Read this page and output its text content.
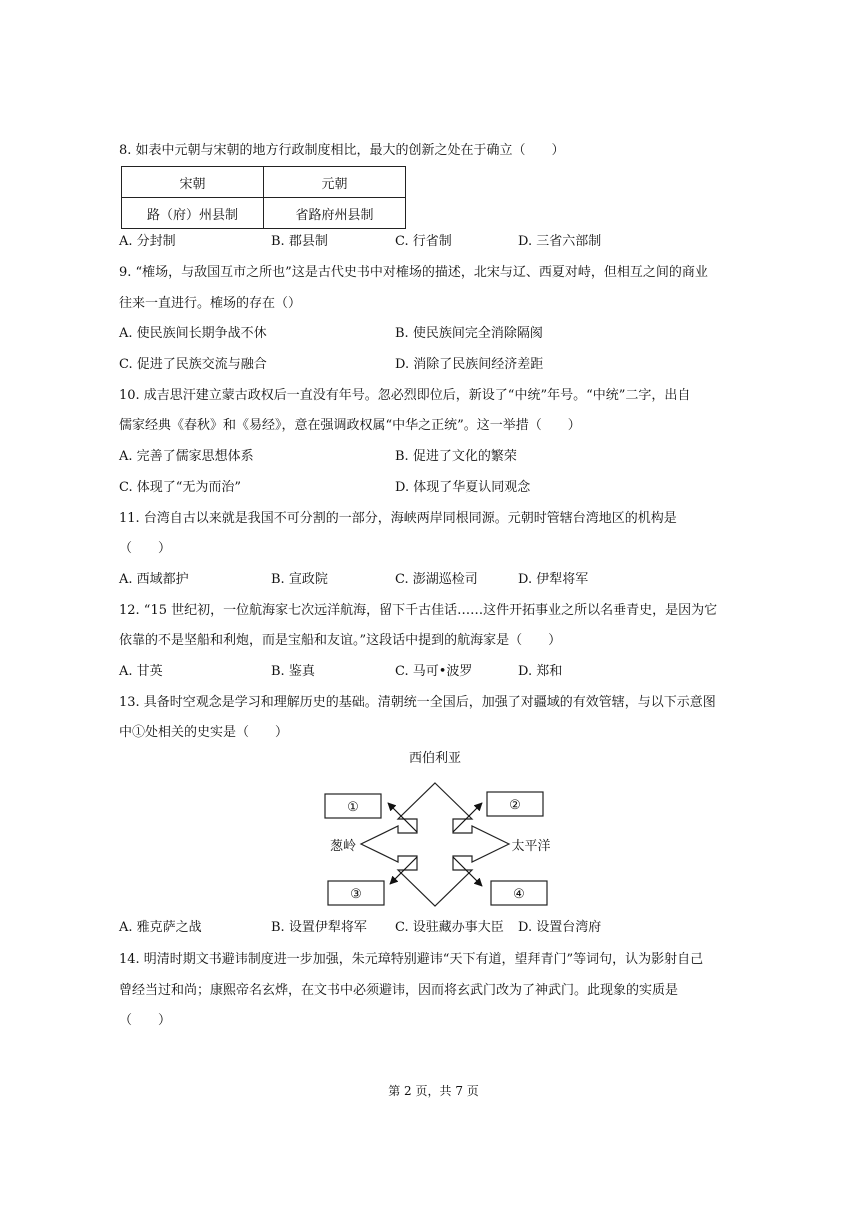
8. 如表中元朝与宋朝的地方行政制度相比，最大的创新之处在于确立（　　）
宋朝	元朝
路（府）州县制	省路府州县制
A. 分封制	B. 郡县制	C. 行省制	D. 三省六部制
9. “榷场，与敌国互市之所也”这是古代史书中对榷场的描述，北宋与辽、西夏对峙，但相互之间的商业
往来一直进行。榷场的存在（）
A. 使民族间长期争战不休	B. 使民族间完全消除隔阂
C. 促进了民族交流与融合	D. 消除了民族间经济差距
10. 成吉思汗建立蒙古政权后一直没有年号。忽必烈即位后，新设了“中统”年号。“中统”二字，出自
儒家经典《春秋》和《易经》，意在强调政权属“中华之正统”。这一举措（　　）
A. 完善了儒家思想体系	B. 促进了文化的繁荣
C. 体现了“无为而治”	D. 体现了华夏认同观念
11. 台湾自古以来就是我国不可分割的一部分，海峡两岸同根同源。元朝时管辖台湾地区的机构是
（　　）
A. 西域都护	B. 宣政院	C. 澎湖巡检司	D. 伊犁将军
12. “15 世纪初，一位航海家七次远洋航海，留下千古佳话……这件开拓事业之所以名垂青史，是因为它
依靠的不是坚船和利炮，而是宝船和友谊。”这段话中提到的航海家是（　　）
A. 甘英	B. 鉴真	C. 马可•波罗	D. 郑和
13. 具备时空观念是学习和理解历史的基础。清朝统一全国后，加强了对疆域的有效管辖，与以下示意图
中①处相关的史实是（　　）
西伯利亚
葱岭	太平洋
①	②
③	④
A. 雅克萨之战	B. 设置伊犁将军 C. 设驻藏办事大臣 D. 设置台湾府
14. 明清时期文书避讳制度进一步加强，朱元璋特别避讳“天下有道，望拜青门”等词句，认为影射自己
曾经当过和尚；康熙帝名玄烨，在文书中必须避讳，因而将玄武门改为了神武门。此现象的实质是
（　　）
第 2 页，共 7 页
